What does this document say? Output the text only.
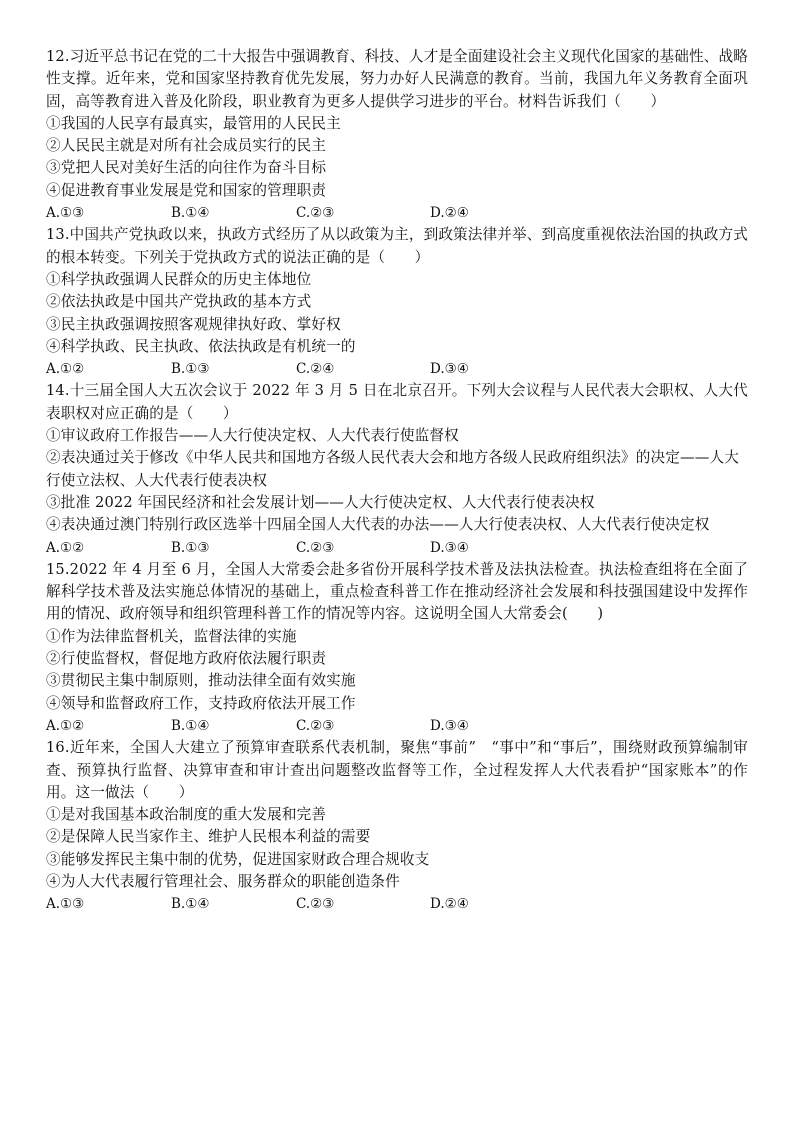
12.习近平总书记在党的二十大报告中强调教育、科技、人才是全面建设社会主义现代化国家的基础性、战略性支撑。近年来，党和国家坚持教育优先发展，努力办好人民满意的教育。当前，我国九年义务教育全面巩固，高等教育进入普及化阶段，职业教育为更多人提供学习进步的平台。材料告诉我们（　　）

①我国的人民享有最真实，最管用的人民民主

②人民民主就是对所有社会成员实行的民主

③党把人民对美好生活的向往作为奋斗目标

④促进教育事业发展是党和国家的管理职责

A.①③	B.①④	C.②③	D.②④

13.中国共产党执政以来，执政方式经历了从以政策为主，到政策法律并举、到高度重视依法治国的执政方式的根本转变。下列关于党执政方式的说法正确的是（　　）

①科学执政强调人民群众的历史主体地位

②依法执政是中国共产党执政的基本方式

③民主执政强调按照客观规律执好政、掌好权

④科学执政、民主执政、依法执政是有机统一的

A.①②	B.①③	C.②④	D.③④

14.十三届全国人大五次会议于 2022 年 3 月 5 日在北京召开。下列大会议程与人民代表大会职权、人大代表职权对应正确的是（　　）

①审议政府工作报告——人大行使决定权、人大代表行使监督权

②表决通过关于修改《中华人民共和国地方各级人民代表大会和地方各级人民政府组织法》的决定——人大行使立法权、人大代表行使表决权

③批准 2022 年国民经济和社会发展计划——人大行使决定权、人大代表行使表决权

④表决通过澳门特别行政区选举十四届全国人大代表的办法——人大行使表决权、人大代表行使决定权

A.①②	B.①③	C.②③	D.③④

15.2022 年 4 月至 6 月，全国人大常委会赴多省份开展科学技术普及法执法检查。执法检查组将在全面了解科学技术普及法实施总体情况的基础上，重点检查科普工作在推动经济社会发展和科技强国建设中发挥作用的情况、政府领导和组织管理科普工作的情况等内容。这说明全国人大常委会(　　)

①作为法律监督机关，监督法律的实施

②行使监督权，督促地方政府依法履行职责

③贯彻民主集中制原则，推动法律全面有效实施

④领导和监督政府工作，支持政府依法开展工作

A.①②	B.①④	C.②③	D.③④

16.近年来，全国人大建立了预算审查联系代表机制，聚焦“事前”　“事中”和“事后”，围绕财政预算编制审查、预算执行监督、决算审查和审计查出问题整改监督等工作，全过程发挥人大代表看护“国家账本”的作用。这一做法（　　）

①是对我国基本政治制度的重大发展和完善

②是保障人民当家作主、维护人民根本利益的需要

③能够发挥民主集中制的优势，促进国家财政合理合规收支

④为人大代表履行管理社会、服务群众的职能创造条件

A.①③	B.①④	C.②③	D.②④
